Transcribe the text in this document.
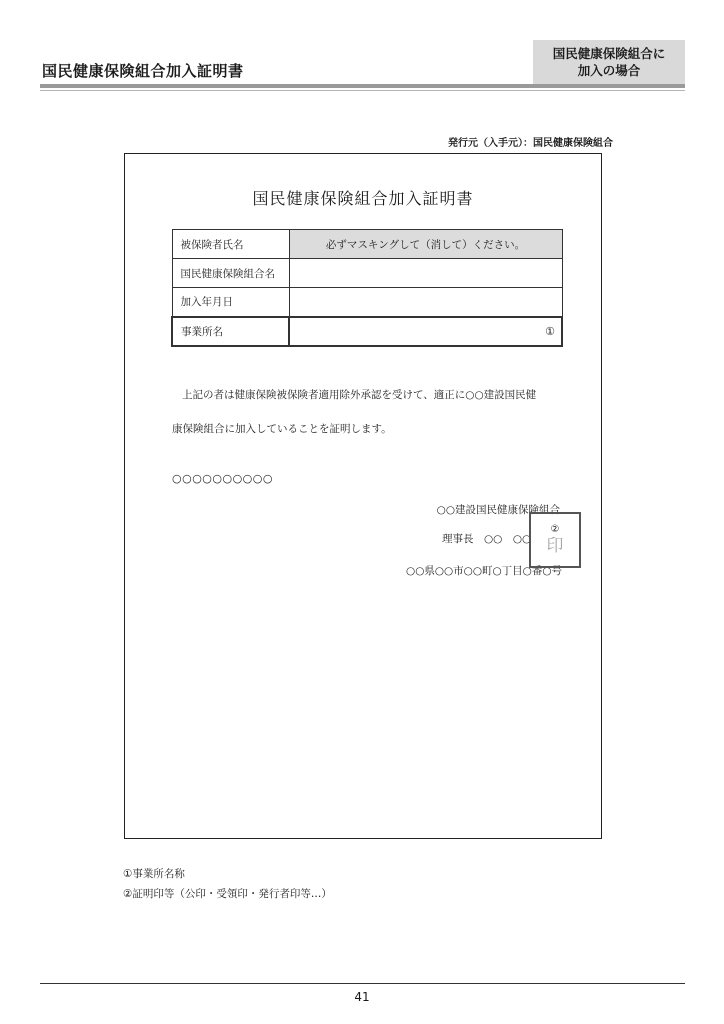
国民健康保険組合加入証明書
国民健康保険組合に
加入の場合
発行元（入手元）：国民健康保険組合
国民健康保険組合加入証明書
被保険者氏名	必ずマスキングして（消して）ください。
国民健康保険組合名	
加入年月日	
事業所名	①

上記の者は健康保険被保険者適用除外承認を受けて、適正に○○建設国民健

康保険組合に加入していることを証明します。

○○○○○○○○○○
○○建設国民健康保険組合
理事長　○○　○○
○○県○○市○○町○丁目○番○号
②
印
①事業所名称
②証明印等（公印・受領印・発行者印等…）
41
